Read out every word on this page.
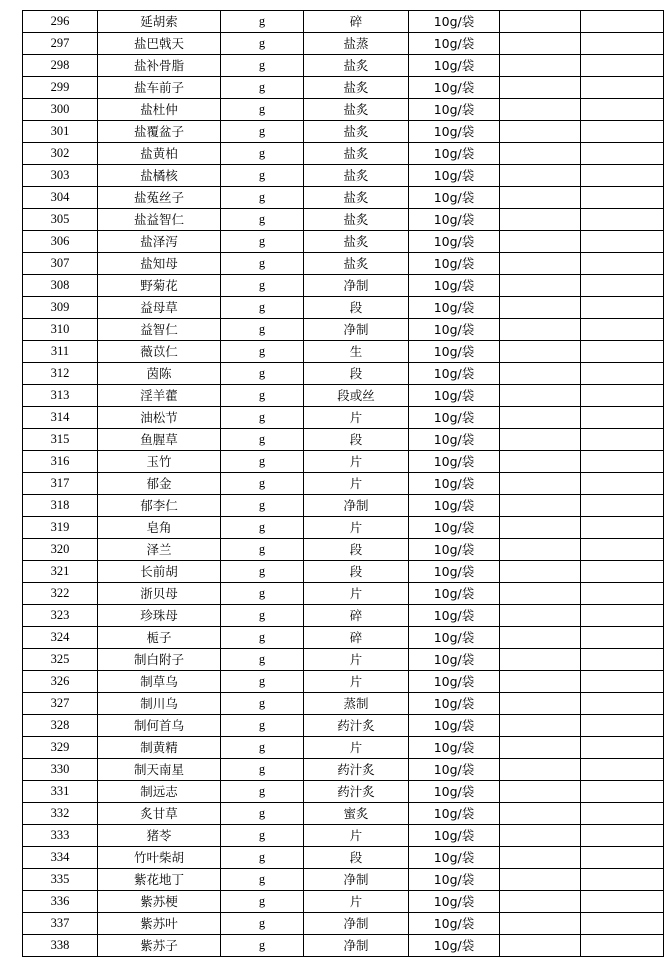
296	延胡索	g	碎	10g/袋		
297	盐巴戟天	g	盐蒸	10g/袋		
298	盐补骨脂	g	盐炙	10g/袋		
299	盐车前子	g	盐炙	10g/袋		
300	盐杜仲	g	盐炙	10g/袋		
301	盐覆盆子	g	盐炙	10g/袋		
302	盐黄柏	g	盐炙	10g/袋		
303	盐橘核	g	盐炙	10g/袋		
304	盐菟丝子	g	盐炙	10g/袋		
305	盐益智仁	g	盐炙	10g/袋		
306	盐泽泻	g	盐炙	10g/袋		
307	盐知母	g	盐炙	10g/袋		
308	野菊花	g	净制	10g/袋		
309	益母草	g	段	10g/袋		
310	益智仁	g	净制	10g/袋		
311	薇苡仁	g	生	10g/袋		
312	茵陈	g	段	10g/袋		
313	淫羊藿	g	段或丝	10g/袋		
314	油松节	g	片	10g/袋		
315	鱼腥草	g	段	10g/袋		
316	玉竹	g	片	10g/袋		
317	郁金	g	片	10g/袋		
318	郁李仁	g	净制	10g/袋		
319	皂角	g	片	10g/袋		
320	泽兰	g	段	10g/袋		
321	长前胡	g	段	10g/袋		
322	浙贝母	g	片	10g/袋		
323	珍珠母	g	碎	10g/袋		
324	栀子	g	碎	10g/袋		
325	制白附子	g	片	10g/袋		
326	制草乌	g	片	10g/袋		
327	制川乌	g	蒸制	10g/袋		
328	制何首乌	g	药汁炙	10g/袋		
329	制黄精	g	片	10g/袋		
330	制天南星	g	药汁炙	10g/袋		
331	制远志	g	药汁炙	10g/袋		
332	炙甘草	g	蜜炙	10g/袋		
333	猪苓	g	片	10g/袋		
334	竹叶柴胡	g	段	10g/袋		
335	紫花地丁	g	净制	10g/袋		
336	紫苏梗	g	片	10g/袋		
337	紫苏叶	g	净制	10g/袋		
338	紫苏子	g	净制	10g/袋		
